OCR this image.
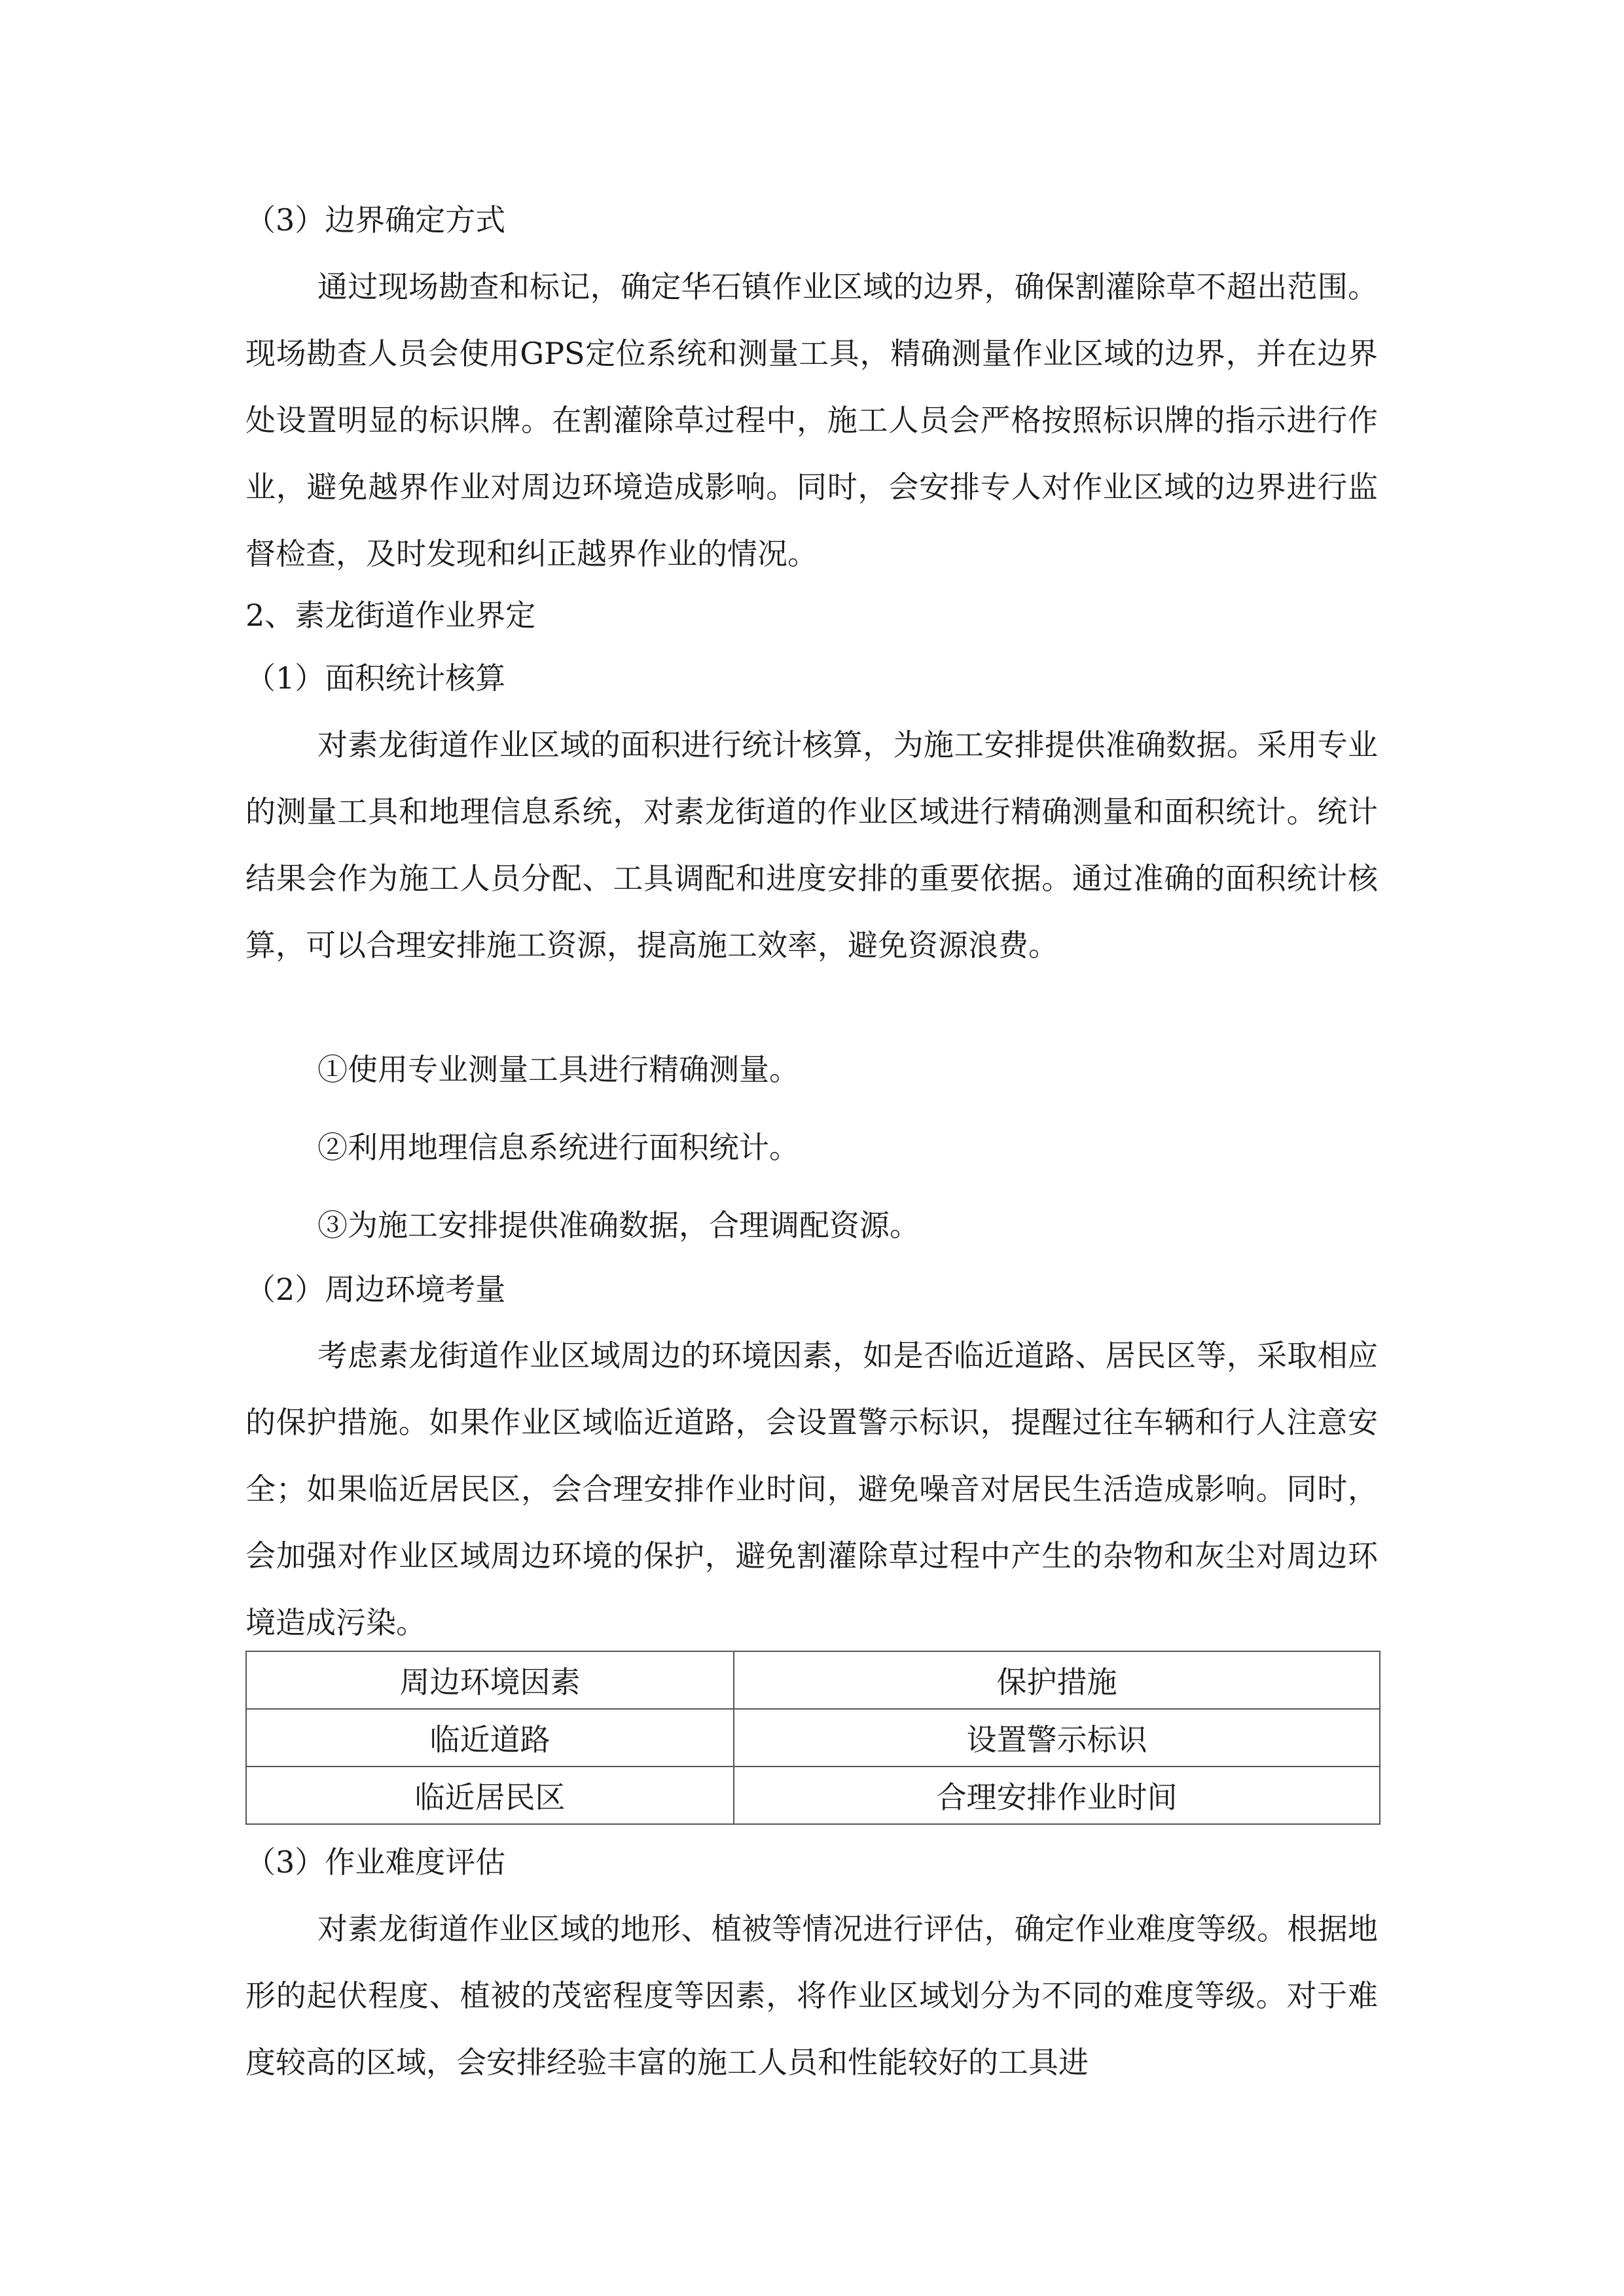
（3）边界确定方式

通过现场勘查和标记，确定华石镇作业区域的边界，确保割灌除草不超出范围。现场勘查人员会使用GPS定位系统和测量工具，精确测量作业区域的边界，并在边界处设置明显的标识牌。在割灌除草过程中，施工人员会严格按照标识牌的指示进行作业，避免越界作业对周边环境造成影响。同时，会安排专人对作业区域的边界进行监督检查，及时发现和纠正越界作业的情况。

2、素龙街道作业界定
（1）面积统计核算

对素龙街道作业区域的面积进行统计核算，为施工安排提供准确数据。采用专业的测量工具和地理信息系统，对素龙街道的作业区域进行精确测量和面积统计。统计结果会作为施工人员分配、工具调配和进度安排的重要依据。通过准确的面积统计核算，可以合理安排施工资源，提高施工效率，避免资源浪费。

①使用专业测量工具进行精确测量。

②利用地理信息系统进行面积统计。

③为施工安排提供准确数据，合理调配资源。

（2）周边环境考量

考虑素龙街道作业区域周边的环境因素，如是否临近道路、居民区等，采取相应的保护措施。如果作业区域临近道路，会设置警示标识，提醒过往车辆和行人注意安全；如果临近居民区，会合理安排作业时间，避免噪音对居民生活造成影响。同时，会加强对作业区域周边环境的保护，避免割灌除草过程中产生的杂物和灰尘对周边环境造成污染。

周边环境因素	保护措施
临近道路	设置警示标识
临近居民区	合理安排作业时间
（3）作业难度评估

对素龙街道作业区域的地形、植被等情况进行评估，确定作业难度等级。根据地形的起伏程度、植被的茂密程度等因素，将作业区域划分为不同的难度等级。对于难度较高的区域，会安排经验丰富的施工人员和性能较好的工具进
